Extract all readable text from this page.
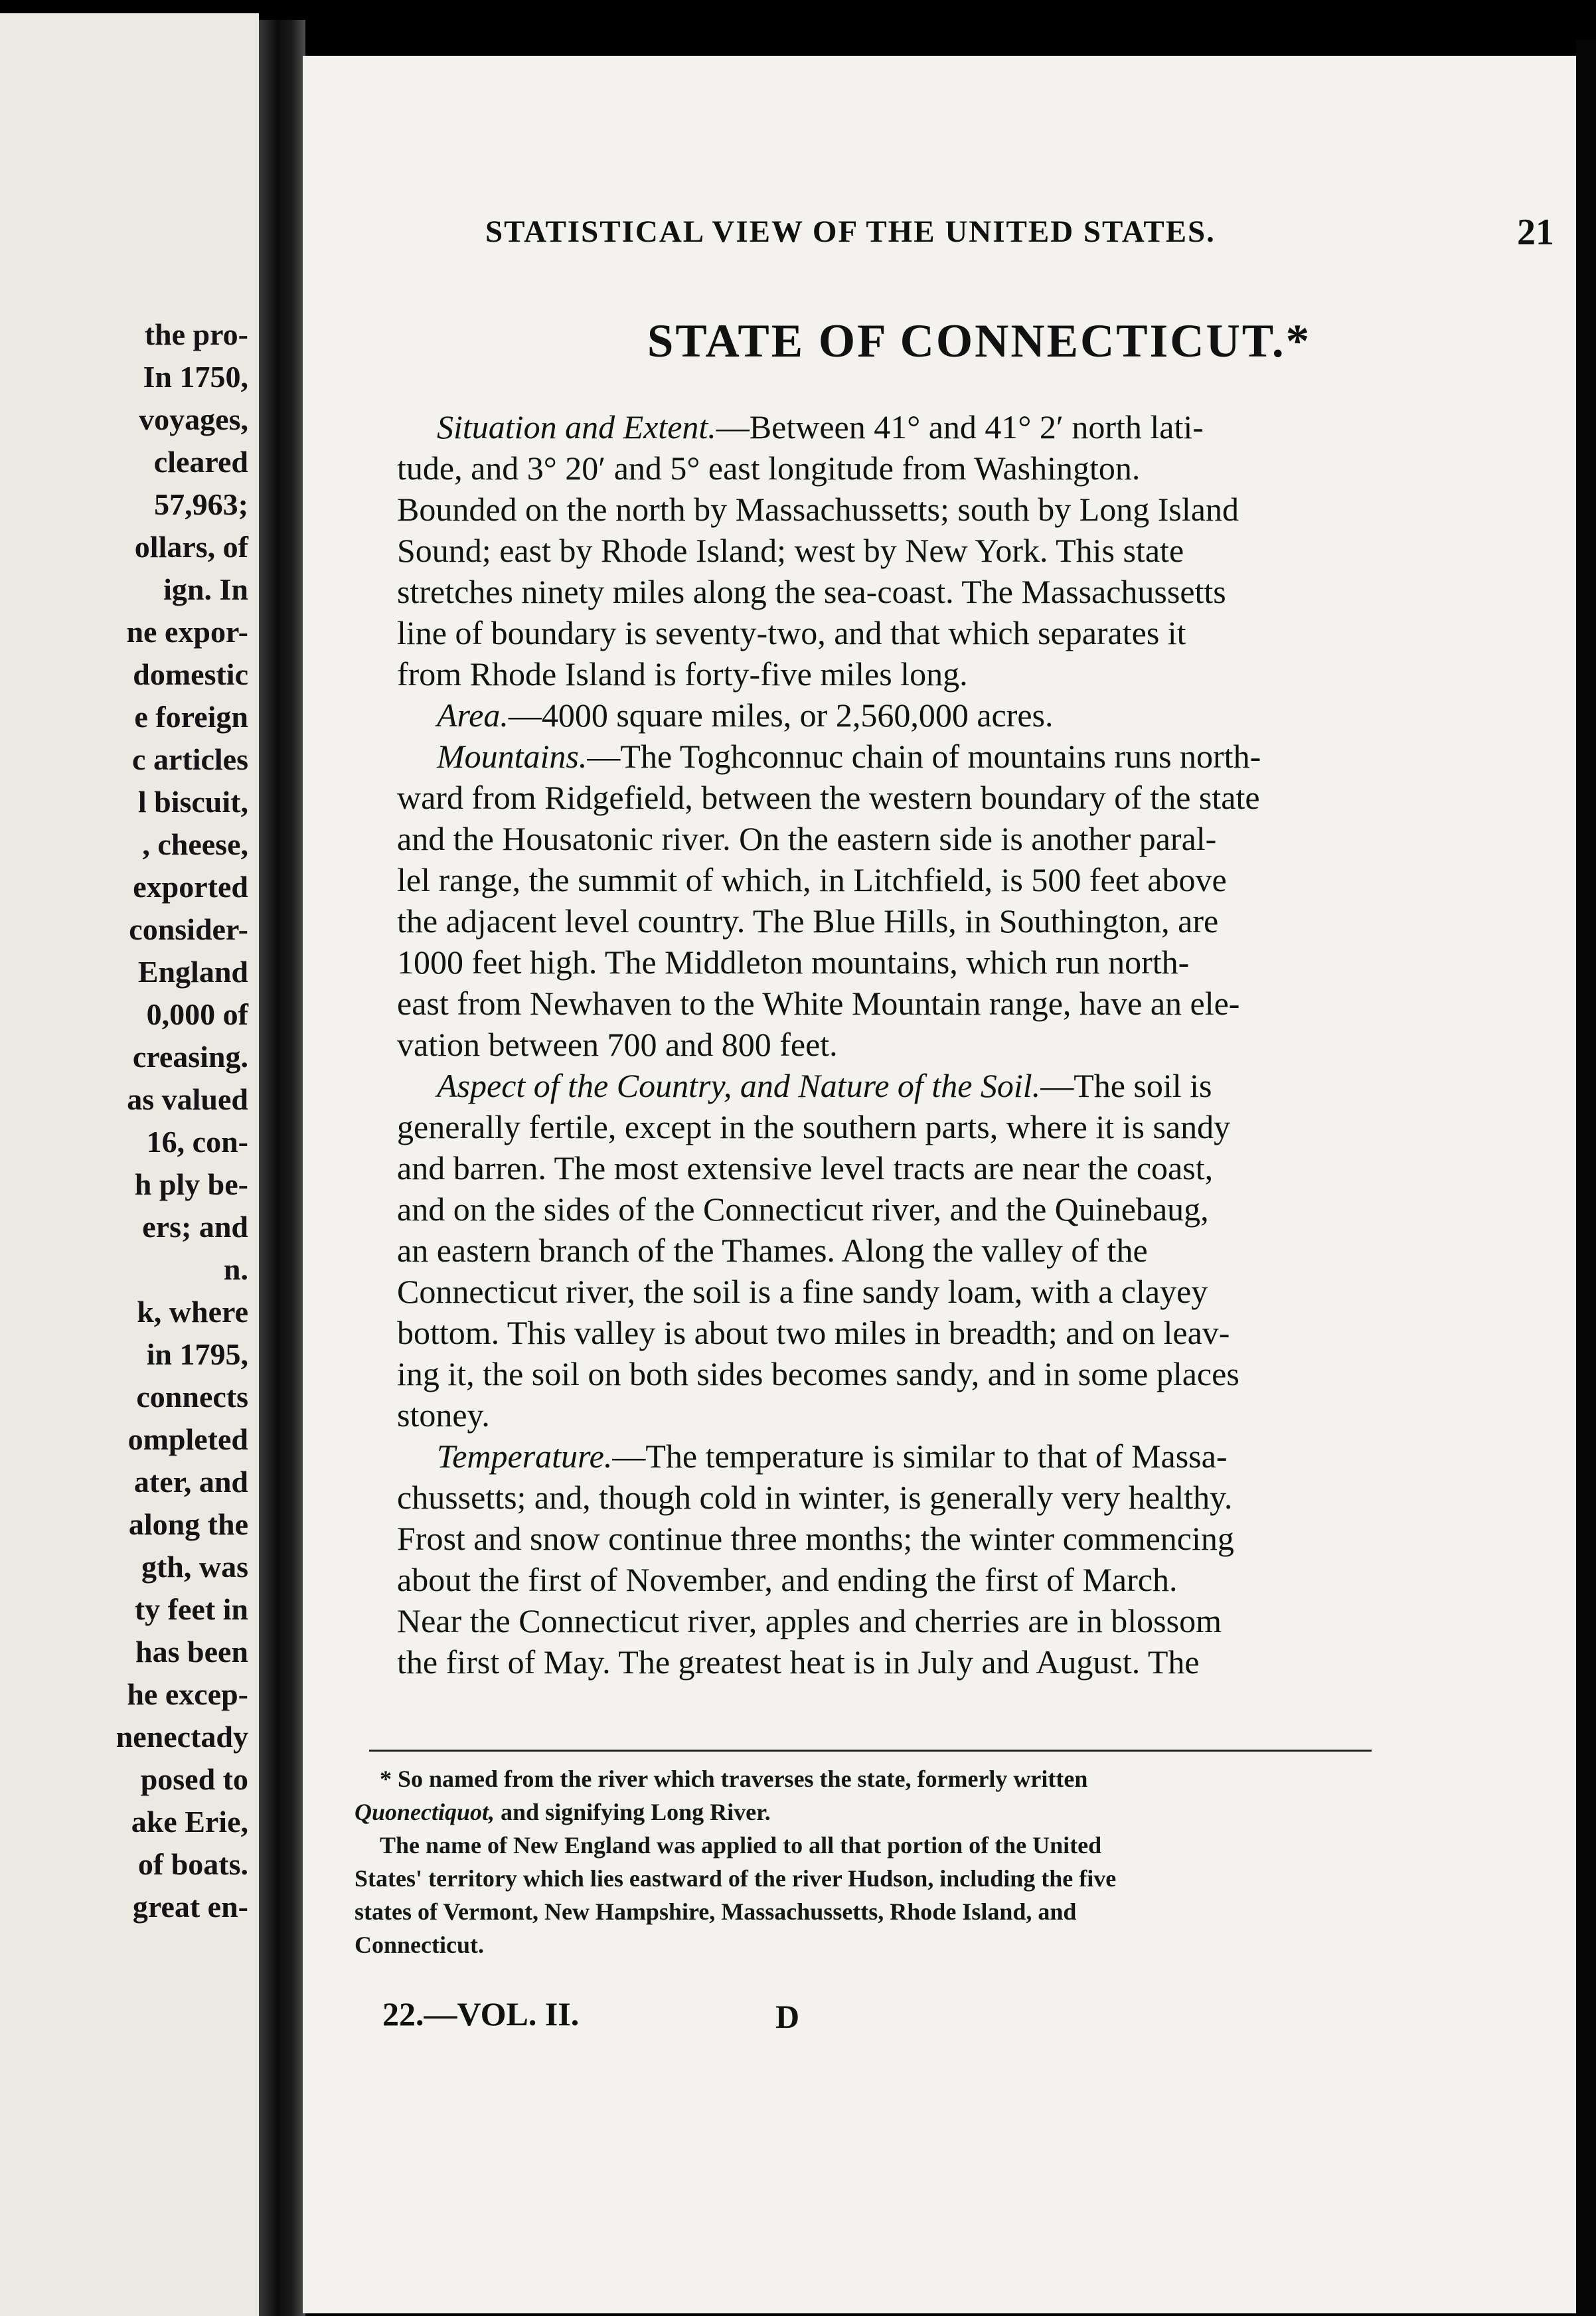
the pro-
In 1750,
voyages,
cleared
57,963;
ollars, of
ign. In
ne expor-
domestic
e foreign
c articles
l biscuit,
, cheese,
exported
consider-
England
0,000 of
creasing.
as valued
16, con-
h ply be-
ers; and
n.
k, where
in 1795,
connects
ompleted
ater, and
along the
gth, was
ty feet in
has been
he excep-
nenectady
posed to
ake Erie,
of boats.
great en-
STATISTICAL VIEW OF THE UNITED STATES.	21
STATE OF CONNECTICUT.*
Situation and Extent.—Between 41° and 41° 2′ north lati-
tude, and 3° 20′ and 5° east longitude from Washington.
Bounded on the north by Massachussetts; south by Long Island
Sound; east by Rhode Island; west by New York. This state
stretches ninety miles along the sea-coast. The Massachussetts
line of boundary is seventy-two, and that which separates it
from Rhode Island is forty-five miles long.
Area.—4000 square miles, or 2,560,000 acres.
Mountains.—The Toghconnuc chain of mountains runs north-
ward from Ridgefield, between the western boundary of the state
and the Housatonic river. On the eastern side is another paral-
lel range, the summit of which, in Litchfield, is 500 feet above
the adjacent level country. The Blue Hills, in Southington, are
1000 feet high. The Middleton mountains, which run north-
east from Newhaven to the White Mountain range, have an ele-
vation between 700 and 800 feet.
Aspect of the Country, and Nature of the Soil.—The soil is
generally fertile, except in the southern parts, where it is sandy
and barren. The most extensive level tracts are near the coast,
and on the sides of the Connecticut river, and the Quinebaug,
an eastern branch of the Thames. Along the valley of the
Connecticut river, the soil is a fine sandy loam, with a clayey
bottom. This valley is about two miles in breadth; and on leav-
ing it, the soil on both sides becomes sandy, and in some places
stoney.
Temperature.—The temperature is similar to that of Massa-
chussetts; and, though cold in winter, is generally very healthy.
Frost and snow continue three months; the winter commencing
about the first of November, and ending the first of March.
Near the Connecticut river, apples and cherries are in blossom
the first of May. The greatest heat is in July and August. The
* So named from the river which traverses the state, formerly written
Quonectiquot, and signifying Long River.
The name of New England was applied to all that portion of the United
States' territory which lies eastward of the river Hudson, including the five
states of Vermont, New Hampshire, Massachussetts, Rhode Island, and
Connecticut.
22.—VOL. II.	D
